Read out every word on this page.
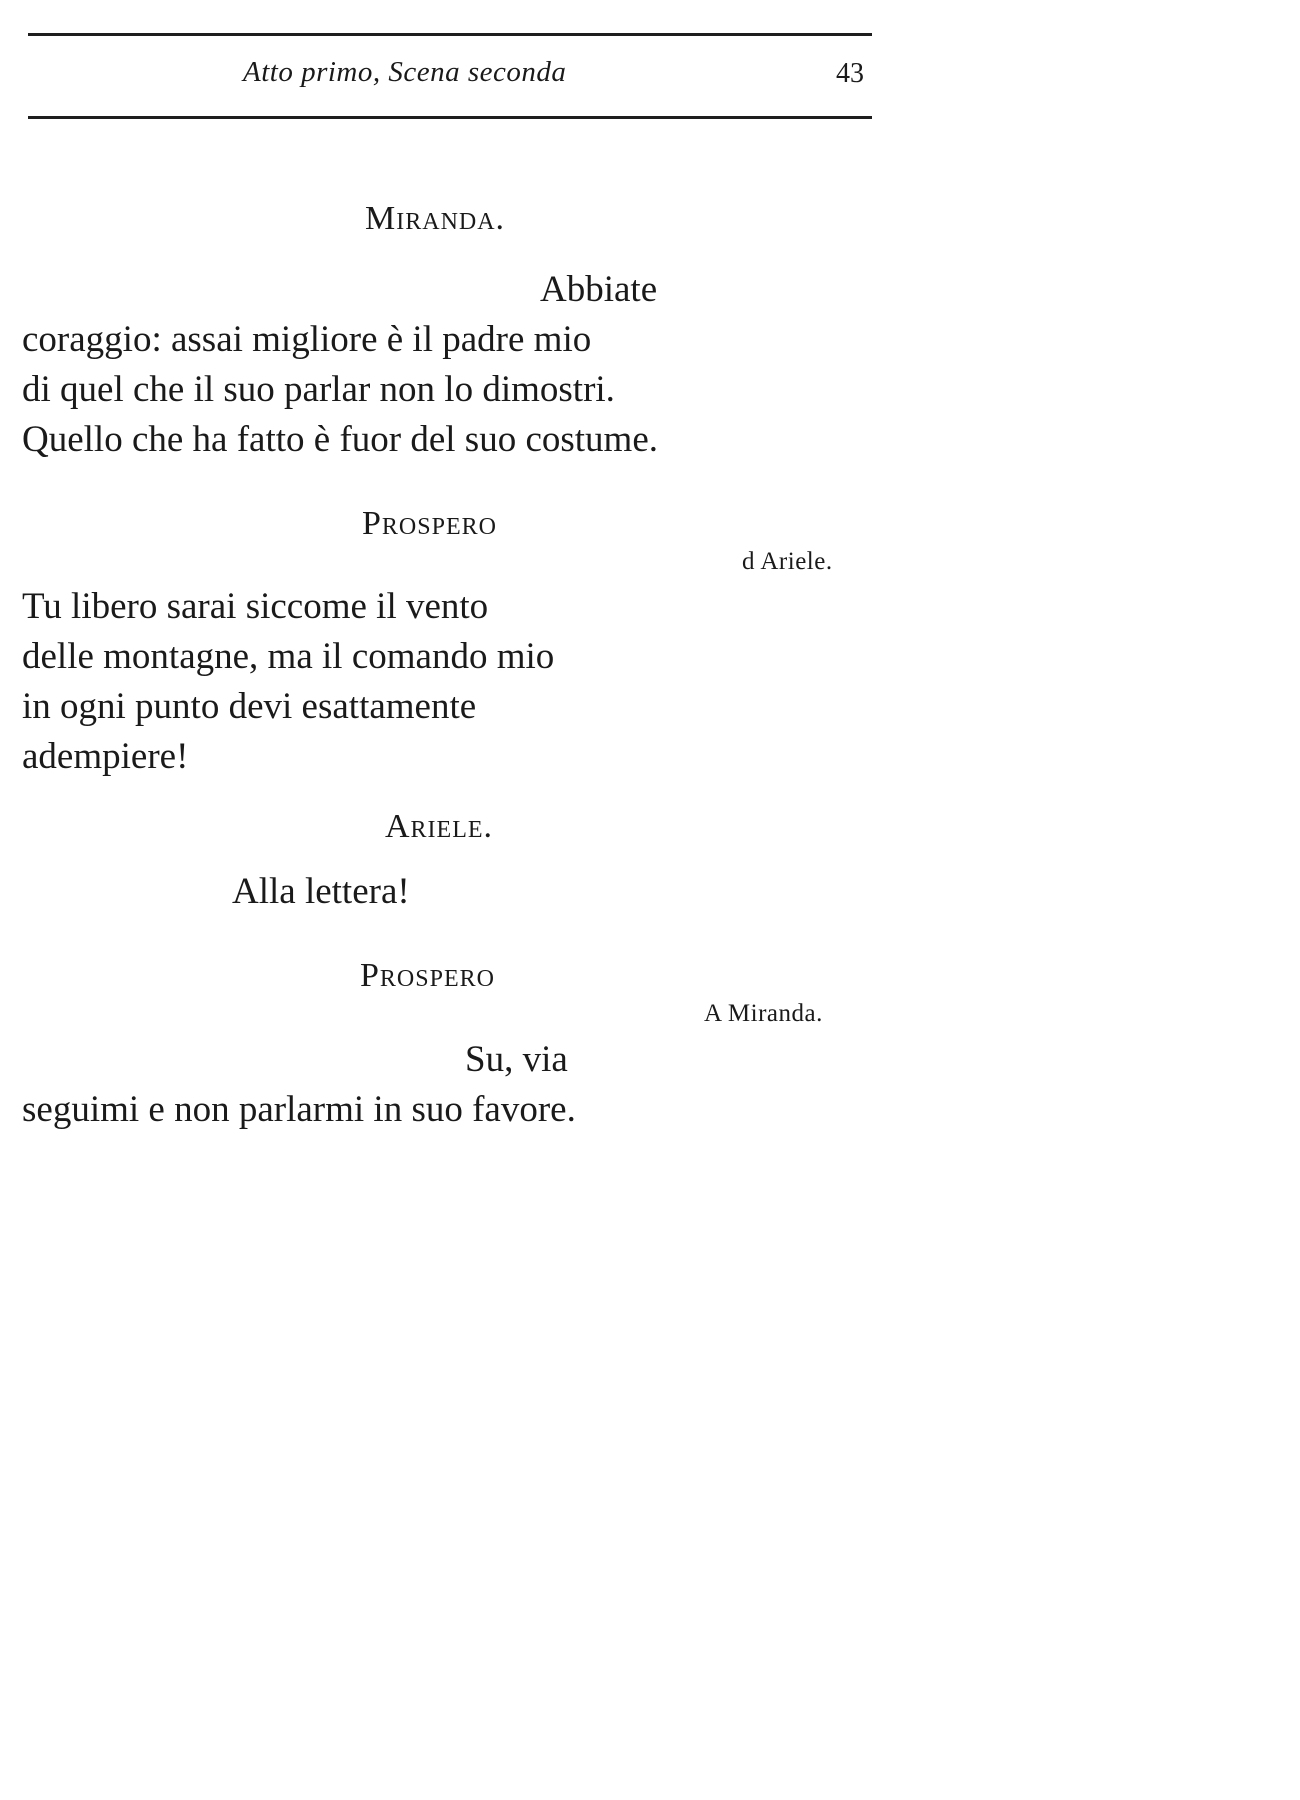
Atto primo, Scena seconda	43
Miranda.
Abbiate
coraggio: assai migliore è il padre mio
di quel che il suo parlar non lo dimostri.
Quello che ha fatto è fuor del suo costume.
Prospero
d Ariele.
Tu libero sarai siccome il vento
delle montagne, ma il comando mio
in ogni punto devi esattamente
adempiere!
Ariele.
Alla lettera!
Prospero
A Miranda.
Su, via
seguimi e non parlarmi in suo favore.
